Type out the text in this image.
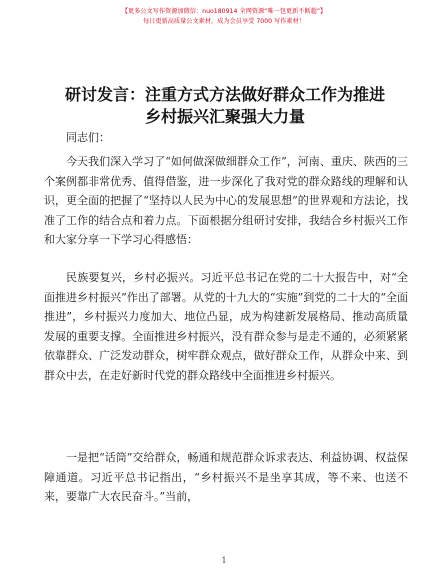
【更多公文写作资源加微信：nuo180914 全网资源“唯一包更新不断超”】
每日更新高质量公文素材，成为会员享受 7000 写作素材！
研讨发言：注重方式方法做好群众工作为推进
乡村振兴汇聚强大力量
同志们：

今天我们深入学习了“如何做深做细群众工作”，河南、重庆、陕西的三个案例都非常优秀、值得借鉴，进一步深化了我对党的群众路线的理解和认识，更全面的把握了“坚持以人民为中心的发展思想”的世界观和方法论，找准了工作的结合点和着力点。下面根据分组研讨安排，我结合乡村振兴工作和大家分享一下学习心得感悟：

民族要复兴，乡村必振兴。习近平总书记在党的二十大报告中，对“全面推进乡村振兴”作出了部署。从党的十九大的“实施”到党的二十大的“全面推进”，乡村振兴力度加大、地位凸显，成为构建新发展格局、推动高质量发展的重要支撑。全面推进乡村振兴，没有群众参与是走不通的，必须紧紧依靠群众、广泛发动群众，树牢群众观点，做好群众工作，从群众中来、到群众中去，在走好新时代党的群众路线中全面推进乡村振兴。

一是把“话筒”交给群众，畅通和规范群众诉求表达、利益协调、权益保障通道。习近平总书记指出，“乡村振兴不是坐享其成，等不来、也送不来，要靠广大农民奋斗。”当前，

1
